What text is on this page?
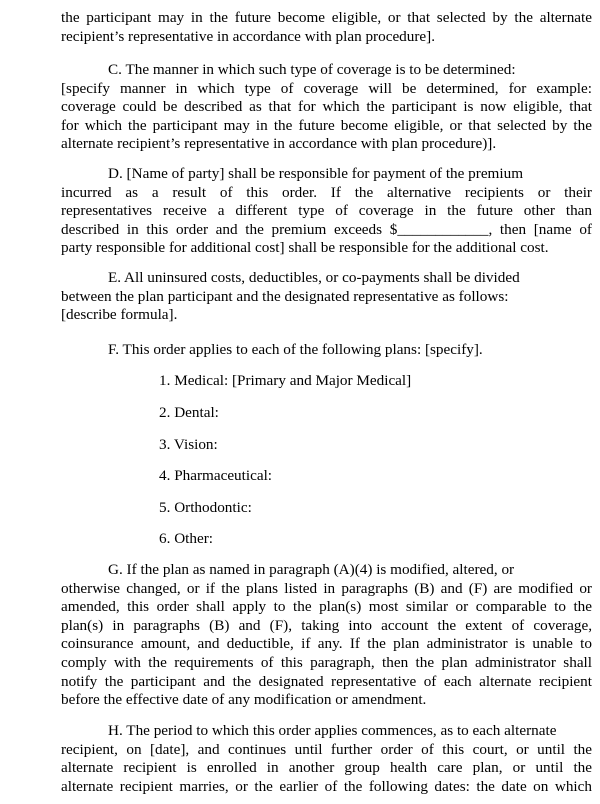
the participant may in the future become eligible, or that selected by the alternate
recipient’s representative in accordance with plan procedure].
C. The manner in which such type of coverage is to be determined:
[specify manner in which type of coverage will be determined, for example:
coverage could be described as that for which the participant is now eligible, that
for which the participant may in the future become eligible, or that selected by the
alternate recipient’s representative in accordance with plan procedure)].
D. [Name of party] shall be responsible for payment of the premium
incurred as a result of this order. If the alternative recipients or their
representatives receive a different type of coverage in the future other than
described in this order and the premium exceeds $____________, then [name of
party responsible for additional cost] shall be responsible for the additional cost.
E. All uninsured costs, deductibles, or co-payments shall be divided
between the plan participant and the designated representative as follows:
[describe formula].
F. This order applies to each of the following plans: [specify].
1. Medical: [Primary and Major Medical]
2. Dental:
3. Vision:
4. Pharmaceutical:
5. Orthodontic:
6. Other:
G. If the plan as named in paragraph (A)(4) is modified, altered, or
otherwise changed, or if the plans listed in paragraphs (B) and (F) are modified or
amended, this order shall apply to the plan(s) most similar or comparable to the
plan(s) in paragraphs (B) and (F), taking into account the extent of coverage,
coinsurance amount, and deductible, if any. If the plan administrator is unable to
comply with the requirements of this paragraph, then the plan administrator shall
notify the participant and the designated representative of each alternate recipient
before the effective date of any modification or amendment.
H. The period to which this order applies commences, as to each alternate
recipient, on [date], and continues until further order of this court, or until the
alternate recipient is enrolled in another group health care plan, or until the
alternate recipient marries, or the earlier of the following dates: the date on which
